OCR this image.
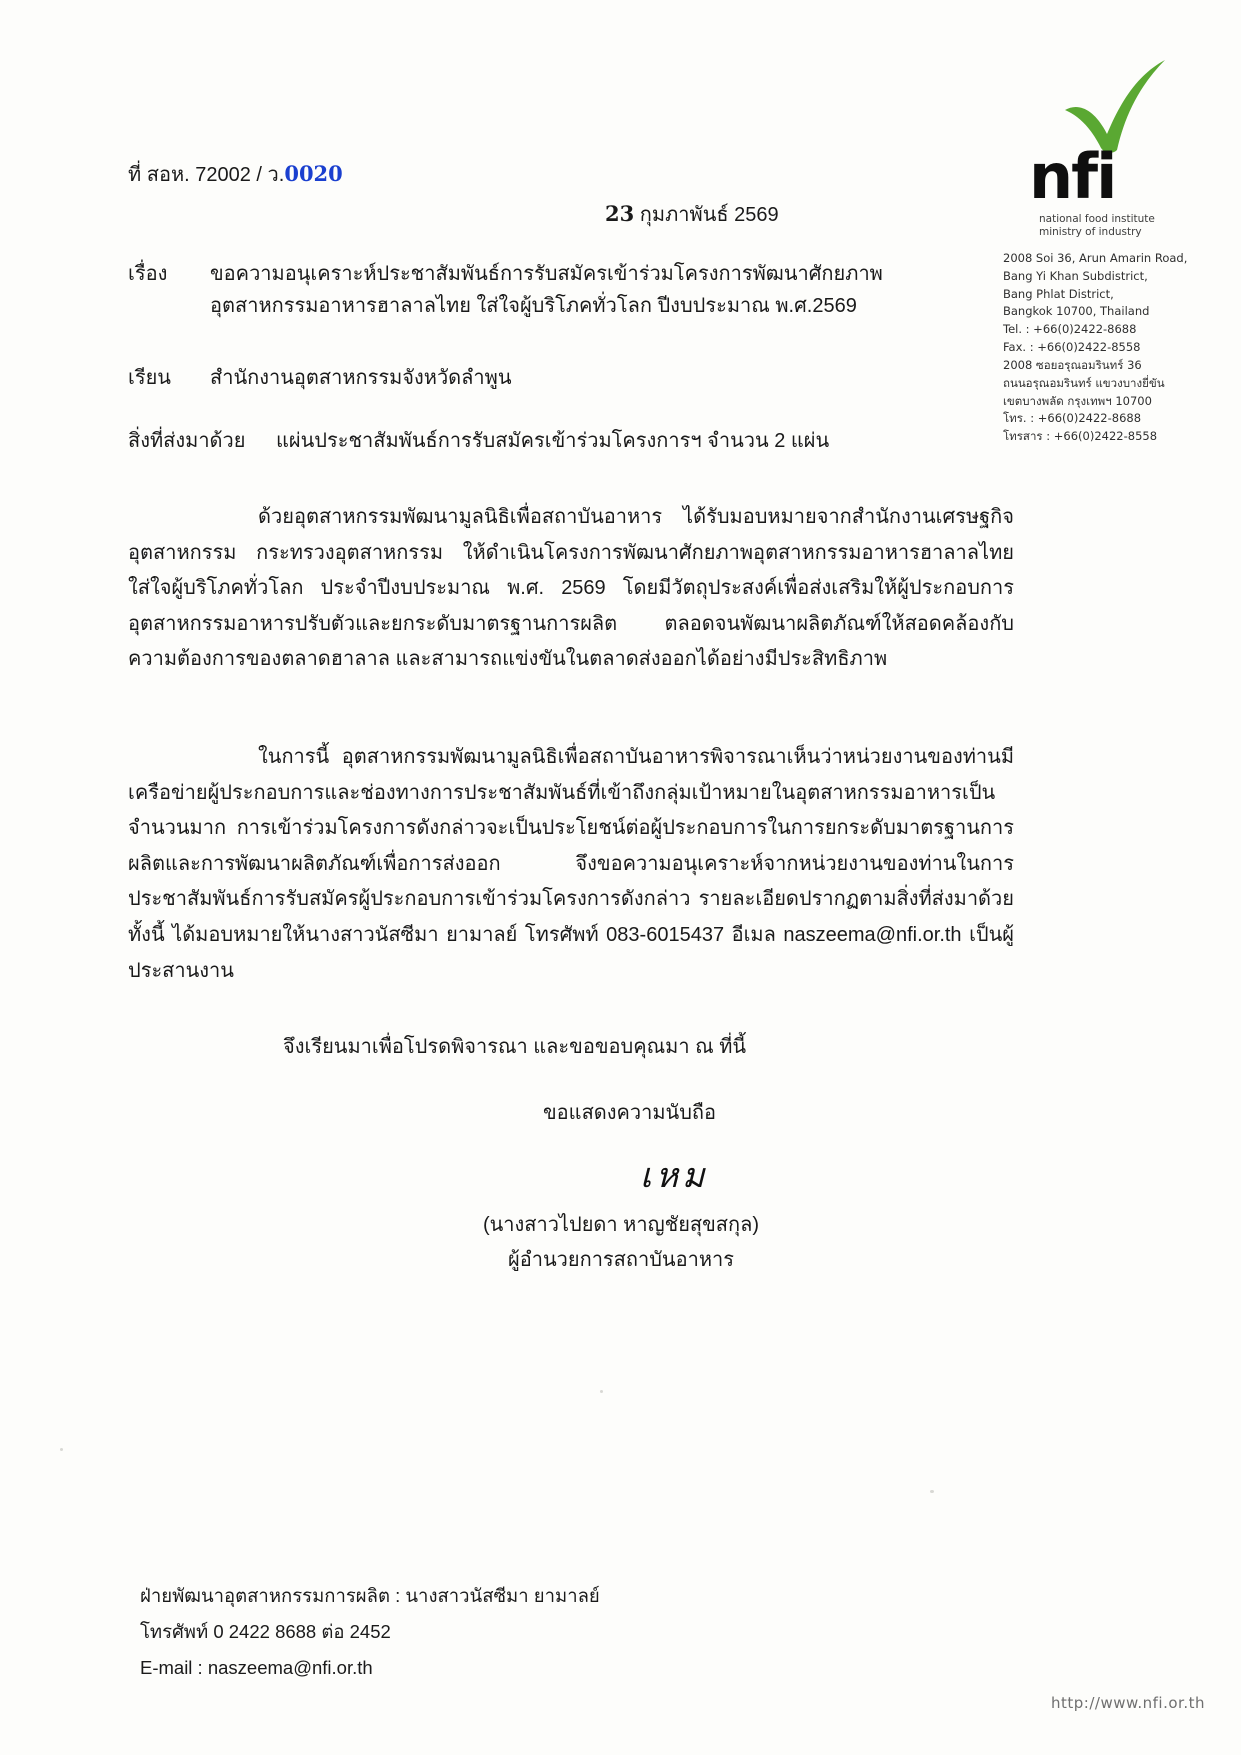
nfi
national food institute
ministry of industry
2008 Soi 36, Arun Amarin Road,
Bang Yi Khan Subdistrict,
Bang Phlat District,
Bangkok 10700, Thailand
Tel. : +66(0)2422-8688
Fax. : +66(0)2422-8558
2008 ซอยอรุณอมรินทร์ 36
ถนนอรุณอมรินทร์ แขวงบางยี่ขัน
เขตบางพลัด กรุงเทพฯ 10700
โทร. : +66(0)2422-8688
โทรสาร : +66(0)2422-8558
ที่ สอห. 72002 / ว.0020
23 กุมภาพันธ์ 2569
เรื่อง	ขอความอนุเคราะห์ประชาสัมพันธ์การรับสมัครเข้าร่วมโครงการพัฒนาศักยภาพอุตสาหกรรมอาหารฮาลาลไทย ใส่ใจผู้บริโภคทั่วโลก ปีงบประมาณ พ.ศ.2569
เรียน	สำนักงานอุตสาหกรรมจังหวัดลำพูน
สิ่งที่ส่งมาด้วย	แผ่นประชาสัมพันธ์การรับสมัครเข้าร่วมโครงการฯ จำนวน 2 แผ่น
ด้วยอุตสาหกรรมพัฒนามูลนิธิเพื่อสถาบันอาหาร ได้รับมอบหมายจากสำนักงานเศรษฐกิจอุตสาหกรรม กระทรวงอุตสาหกรรม ให้ดำเนินโครงการพัฒนาศักยภาพอุตสาหกรรมอาหารฮาลาลไทย ใส่ใจผู้บริโภคทั่วโลก ประจำปีงบประมาณ พ.ศ. 2569 โดยมีวัตถุประสงค์เพื่อส่งเสริมให้ผู้ประกอบการอุตสาหกรรมอาหารปรับตัวและยกระดับมาตรฐานการผลิต ตลอดจนพัฒนาผลิตภัณฑ์ให้สอดคล้องกับความต้องการของตลาดฮาลาล และสามารถแข่งขันในตลาดส่งออกได้อย่างมีประสิทธิภาพ
ในการนี้ อุตสาหกรรมพัฒนามูลนิธิเพื่อสถาบันอาหารพิจารณาเห็นว่าหน่วยงานของท่านมีเครือข่ายผู้ประกอบการและช่องทางการประชาสัมพันธ์ที่เข้าถึงกลุ่มเป้าหมายในอุตสาหกรรมอาหารเป็นจำนวนมาก การเข้าร่วมโครงการดังกล่าวจะเป็นประโยชน์ต่อผู้ประกอบการในการยกระดับมาตรฐานการผลิตและการพัฒนาผลิตภัณฑ์เพื่อการส่งออก จึงขอความอนุเคราะห์จากหน่วยงานของท่านในการประชาสัมพันธ์การรับสมัครผู้ประกอบการเข้าร่วมโครงการดังกล่าว รายละเอียดปรากฏตามสิ่งที่ส่งมาด้วย ทั้งนี้ ได้มอบหมายให้นางสาวนัสซีมา ยามาลย์ โทรศัพท์ 083-6015437 อีเมล naszeema@nfi.or.th เป็นผู้ประสานงาน
จึงเรียนมาเพื่อโปรดพิจารณา และขอขอบคุณมา ณ ที่นี้
ขอแสดงความนับถือ
เหม
(นางสาวไปยดา หาญชัยสุขสกุล)
ผู้อำนวยการสถาบันอาหาร
ฝ่ายพัฒนาอุตสาหกรรมการผลิต : นางสาวนัสซีมา ยามาลย์
โทรศัพท์ 0 2422 8688 ต่อ 2452
E-mail : naszeema@nfi.or.th
http://www.nfi.or.th
